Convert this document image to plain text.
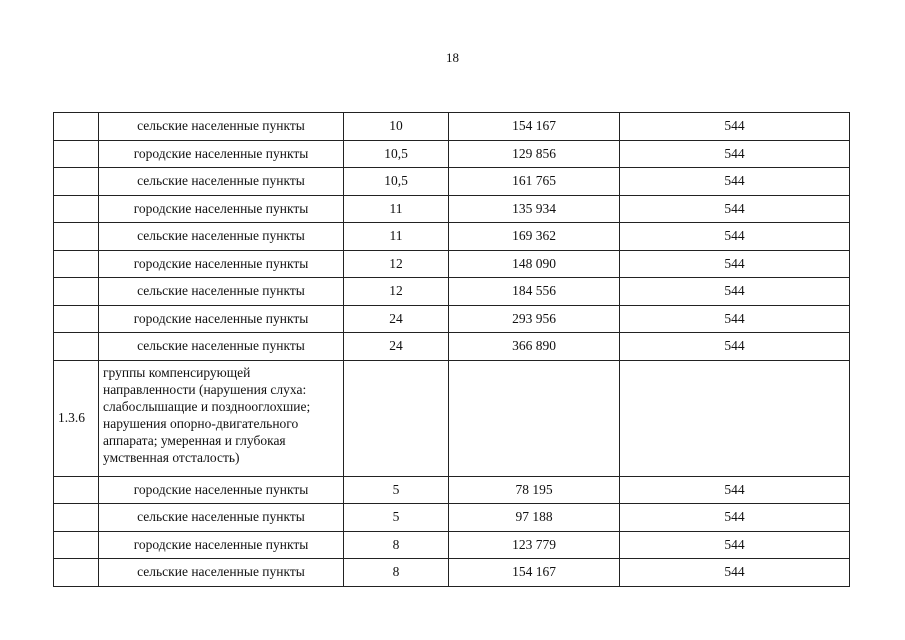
18
	сельские населенные пункты	10	154 167	544
	городские населенные пункты	10,5	129 856	544
	сельские населенные пункты	10,5	161 765	544
	городские населенные пункты	11	135 934	544
	сельские населенные пункты	11	169 362	544
	городские населенные пункты	12	148 090	544
	сельские населенные пункты	12	184 556	544
	городские населенные пункты	24	293 956	544
	сельские населенные пункты	24	366 890	544
1.3.6	группы компенсирующей направленности (нарушения слуха: слабослышащие и позднооглохшие; нарушения опорно-двигательного аппарата; умеренная и глубокая умственная отсталость)			
	городские населенные пункты	5	78 195	544
	сельские населенные пункты	5	97 188	544
	городские населенные пункты	8	123 779	544
	сельские населенные пункты	8	154 167	544
